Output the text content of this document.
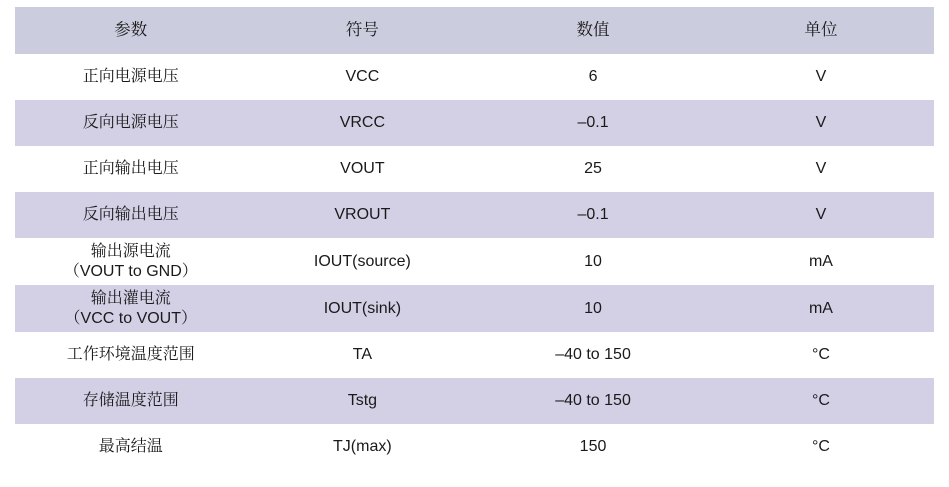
参数	符号	数值	单位
正向电源电压	VCC	6	V
反向电源电压	VRCC	–0.1	V
正向输出电压	VOUT	25	V
反向输出电压	VROUT	–0.1	V

输出源电流
（VOUT to GND）	IOUT(source)	10	mA

输出灌电流
（VCC to VOUT）	IOUT(sink)	10	mA
工作环境温度范围	TA	–40 to 150	°C
存储温度范围	Tstg	–40 to 150	°C
最高结温	TJ(max)	150	°C
